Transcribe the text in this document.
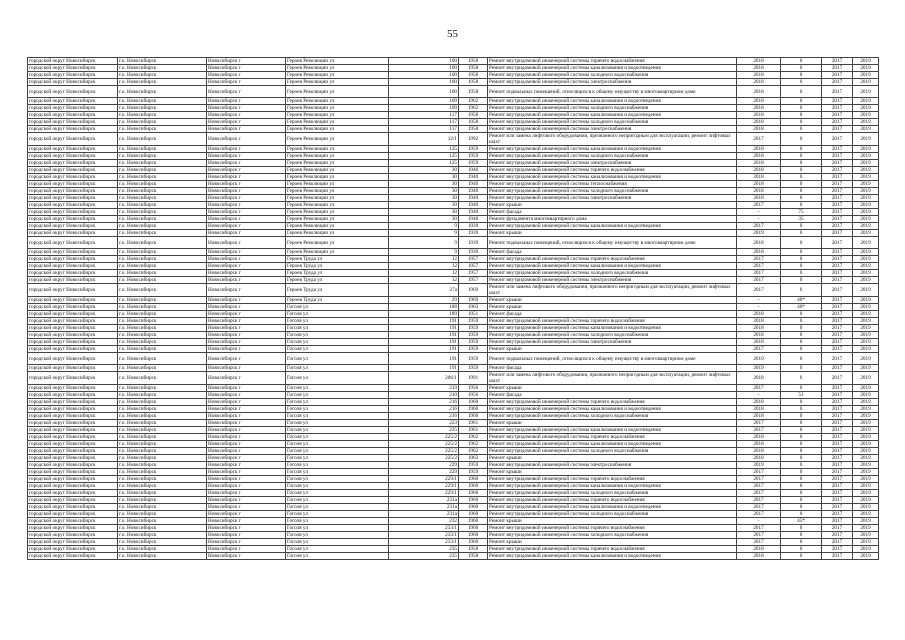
55
городской округ Новосибирск	г.о. Новосибирск	Новосибирск г	Героев Революции ул	100	1958	Ремонт внутридомовой инженерной системы горячего водоснабжения	2018	0	2017	2019
городской округ Новосибирск	г.о. Новосибирск	Новосибирск г	Героев Революции ул	100	1958	Ремонт внутридомовой инженерной системы канализования и водоотведения	2018	0	2017	2019
городской округ Новосибирск	г.о. Новосибирск	Новосибирск г	Героев Революции ул	100	1958	Ремонт внутридомовой инженерной системы холодного водоснабжения	2018	0	2017	2019
городской округ Новосибирск	г.о. Новосибирск	Новосибирск г	Героев Революции ул	100	1958	Ремонт внутридомовой инженерной системы электроснабжения	2018	0	2017	2019
городской округ Новосибирск	г.о. Новосибирск	Новосибирск г	Героев Революции ул	100	1958	Ремонт подвальных помещений, относящихся к общему имуществу в многоквартирном доме	2018	0	2017	2019
городской округ Новосибирск	г.о. Новосибирск	Новосибирск г	Героев Революции ул	109	1962	Ремонт внутридомовой инженерной системы канализования и водоотведения	2018	0	2017	2019
городской округ Новосибирск	г.о. Новосибирск	Новосибирск г	Героев Революции ул	109	1962	Ремонт внутридомовой инженерной системы холодного водоснабжения	2018	0	2017	2019
городской округ Новосибирск	г.о. Новосибирск	Новосибирск г	Героев Революции ул	117	1958	Ремонт внутридомовой инженерной системы канализования и водоотведения	2018	0	2017	2019
городской округ Новосибирск	г.о. Новосибирск	Новосибирск г	Героев Революции ул	117	1958	Ремонт внутридомовой инженерной системы холодного водоснабжения	2018	0	2017	2019
городской округ Новосибирск	г.о. Новосибирск	Новосибирск г	Героев Революции ул	117	1958	Ремонт внутридомовой инженерной системы электроснабжения	2018	0	2017	2019
городской округ Новосибирск	г.о. Новосибирск	Новосибирск г	Героев Революции ул	12/1	1992	Ремонт или замена лифтового оборудования, признанного непригодным для эксплуатации, ремонт лифтовых шахт	2017	0	2017	2019
городской округ Новосибирск	г.о. Новосибирск	Новосибирск г	Героев Революции ул	125	1959	Ремонт внутридомовой инженерной системы канализования и водоотведения	2018	0	2017	2019
городской округ Новосибирск	г.о. Новосибирск	Новосибирск г	Героев Революции ул	125	1959	Ремонт внутридомовой инженерной системы холодного водоснабжения	2018	0	2017	2019
городской округ Новосибирск	г.о. Новосибирск	Новосибирск г	Героев Революции ул	125	1959	Ремонт внутридомовой инженерной системы электроснабжения	2018	0	2017	2019
городской округ Новосибирск	г.о. Новосибирск	Новосибирск г	Героев Революции ул	30	1940	Ремонт внутридомовой инженерной системы горячего водоснабжения	2018	0	2017	2019
городской округ Новосибирск	г.о. Новосибирск	Новосибирск г	Героев Революции ул	30	1940	Ремонт внутридомовой инженерной системы канализования и водоотведения	2018	0	2017	2019
городской округ Новосибирск	г.о. Новосибирск	Новосибирск г	Героев Революции ул	30	1940	Ремонт внутридомовой инженерной системы теплоснабжения	2018	0	2017	2019
городской округ Новосибирск	г.о. Новосибирск	Новосибирск г	Героев Революции ул	30	1940	Ремонт внутридомовой инженерной системы холодного водоснабжения	2018	0	2017	2019
городской округ Новосибирск	г.о. Новосибирск	Новосибирск г	Героев Революции ул	30	1940	Ремонт внутридомовой инженерной системы электроснабжения	2018	0	2017	2019
городской округ Новосибирск	г.о. Новосибирск	Новосибирск г	Героев Революции ул	30	1940	Ремонт крыши	2017	0	2017	2019
городской округ Новосибирск	г.о. Новосибирск	Новосибирск г	Героев Революции ул	30	1940	Ремонт фасада	-	75	2017	2019
городской округ Новосибирск	г.о. Новосибирск	Новосибирск г	Героев Революции ул	30	1940	Ремонт фундамента многоквартирного дома	-	35	2017	2019
городской округ Новосибирск	г.о. Новосибирск	Новосибирск г	Героев Революции ул	9	1939	Ремонт внутридомовой инженерной системы канализования и водоотведения	2017	0	2017	2019
городской округ Новосибирск	г.о. Новосибирск	Новосибирск г	Героев Революции ул	9	1939	Ремонт крыши	2019	0	2017	2019
городской округ Новосибирск	г.о. Новосибирск	Новосибирск г	Героев Революции ул	9	1939	Ремонт подвальных помещений, относящихся к общему имуществу в многоквартирном доме	2018	0	2017	2019
городской округ Новосибирск	г.о. Новосибирск	Новосибирск г	Героев Революции ул	9	1939	Ремонт фасада	2018	0	2017	2019
городской округ Новосибирск	г.о. Новосибирск	Новосибирск г	Героев Труда ул	12	1957	Ремонт внутридомовой инженерной системы горячего водоснабжения	2017	0	2017	2019
городской округ Новосибирск	г.о. Новосибирск	Новосибирск г	Героев Труда ул	12	1957	Ремонт внутридомовой инженерной системы канализования и водоотведения	2017	0	2017	2019
городской округ Новосибирск	г.о. Новосибирск	Новосибирск г	Героев Труда ул	12	1957	Ремонт внутридомовой инженерной системы холодного водоснабжения	2017	0	2017	2019
городской округ Новосибирск	г.о. Новосибирск	Новосибирск г	Героев Труда ул	12	1957	Ремонт внутридомовой инженерной системы электроснабжения	2017	0	2017	2019
городской округ Новосибирск	г.о. Новосибирск	Новосибирск г	Героев Труда ул	27а	1969	Ремонт или замена лифтового оборудования, признанного непригодным для эксплуатации, ремонт лифтовых шахт	2017	0	2017	2019
городской округ Новосибирск	г.о. Новосибирск	Новосибирск г	Героев Труда ул	29	1969	Ремонт крыши	-	40*	2017	2019
городской округ Новосибирск	г.о. Новосибирск	Новосибирск г	Гоголя ул	188	1963	Ремонт крыши	-	40*	2017	2019
городской округ Новосибирск	г.о. Новосибирск	Новосибирск г	Гоголя ул	189	1951	Ремонт фасада	2018	0	2017	2019
городской округ Новосибирск	г.о. Новосибирск	Новосибирск г	Гоголя ул	191	1959	Ремонт внутридомовой инженерной системы горячего водоснабжения	2018	0	2017	2019
городской округ Новосибирск	г.о. Новосибирск	Новосибирск г	Гоголя ул	191	1959	Ремонт внутридомовой инженерной системы канализования и водоотведения	2018	0	2017	2019
городской округ Новосибирск	г.о. Новосибирск	Новосибирск г	Гоголя ул	191	1959	Ремонт внутридомовой инженерной системы холодного водоснабжения	2018	0	2017	2019
городской округ Новосибирск	г.о. Новосибирск	Новосибирск г	Гоголя ул	191	1959	Ремонт внутридомовой инженерной системы электроснабжения	2018	0	2017	2019
городской округ Новосибирск	г.о. Новосибирск	Новосибирск г	Гоголя ул	191	1959	Ремонт крыши	2017	0	2017	2019
городской округ Новосибирск	г.о. Новосибирск	Новосибирск г	Гоголя ул	191	1959	Ремонт подвальных помещений, относящихся к общему имуществу в многоквартирном доме	2019	0	2017	2019
городской округ Новосибирск	г.о. Новосибирск	Новосибирск г	Гоголя ул	191	1959	Ремонт фасада	2019	0	2017	2019
городской округ Новосибирск	г.о. Новосибирск	Новосибирск г	Гоголя ул	206/1	1991	Ремонт или замена лифтового оборудования, признанного непригодным для эксплуатации, ремонт лифтовых шахт	2018	0	2017	2019
городской округ Новосибирск	г.о. Новосибирск	Новосибирск г	Гоголя ул	219	1956	Ремонт крыши	2017	0	2017	2019
городской округ Новосибирск	г.о. Новосибирск	Новосибирск г	Гоголя ул	210	1956	Ремонт фасада	-	51	2017	2019
городской округ Новосибирск	г.о. Новосибирск	Новосибирск г	Гоголя ул	216	1960	Ремонт внутридомовой инженерной системы горячего водоснабжения	2018	0	2017	2019
городской округ Новосибирск	г.о. Новосибирск	Новосибирск г	Гоголя ул	216	1960	Ремонт внутридомовой инженерной системы канализования и водоотведения	2018	0	2017	2019
городской округ Новосибирск	г.о. Новосибирск	Новосибирск г	Гоголя ул	216	1960	Ремонт внутридомовой инженерной системы холодного водоснабжения	2018	0	2017	2019
городской округ Новосибирск	г.о. Новосибирск	Новосибирск г	Гоголя ул	223	1961	Ремонт крыши	2017	0	2017	2019
городской округ Новосибирск	г.о. Новосибирск	Новосибирск г	Гоголя ул	225	1961	Ремонт внутридомовой инженерной системы канализования и водоотведения	2017	0	2017	2019
городской округ Новосибирск	г.о. Новосибирск	Новосибирск г	Гоголя ул	225/2	1962	Ремонт внутридомовой инженерной системы горячего водоснабжения	2018	0	2017	2019
городской округ Новосибирск	г.о. Новосибирск	Новосибирск г	Гоголя ул	225/2	1962	Ремонт внутридомовой инженерной системы канализования и водоотведения	2018	0	2017	2019
городской округ Новосибирск	г.о. Новосибирск	Новосибирск г	Гоголя ул	225/2	1962	Ремонт внутридомовой инженерной системы холодного водоснабжения	2018	0	2017	2019
городской округ Новосибирск	г.о. Новосибирск	Новосибирск г	Гоголя ул	225/2	1962	Ремонт крыши	2018	0	2017	2019
городской округ Новосибирск	г.о. Новосибирск	Новосибирск г	Гоголя ул	229	1959	Ремонт внутридомовой инженерной системы электроснабжения	2019	0	2017	2019
городской округ Новосибирск	г.о. Новосибирск	Новосибирск г	Гоголя ул	229	1959	Ремонт крыши	2017	0	2017	2019
городской округ Новосибирск	г.о. Новосибирск	Новосибирск г	Гоголя ул	229/1	1960	Ремонт внутридомовой инженерной системы горячего водоснабжения	2017	0	2017	2019
городской округ Новосибирск	г.о. Новосибирск	Новосибирск г	Гоголя ул	229/1	1960	Ремонт внутридомовой инженерной системы канализования и водоотведения	2017	0	2017	2019
городской округ Новосибирск	г.о. Новосибирск	Новосибирск г	Гоголя ул	229/1	1960	Ремонт внутридомовой инженерной системы холодного водоснабжения	2017	0	2017	2019
городской округ Новосибирск	г.о. Новосибирск	Новосибирск г	Гоголя ул	231а	1960	Ремонт внутридомовой инженерной системы горячего водоснабжения	2017	0	2017	2019
городской округ Новосибирск	г.о. Новосибирск	Новосибирск г	Гоголя ул	231а	1960	Ремонт внутридомовой инженерной системы канализования и водоотведения	2017	0	2017	2019
городской округ Новосибирск	г.о. Новосибирск	Новосибирск г	Гоголя ул	231а	1960	Ремонт внутридомовой инженерной системы холодного водоснабжения	2017	0	2017	2019
городской округ Новосибирск	г.о. Новосибирск	Новосибирск г	Гоголя ул	232	1960	Ремонт крыши	-	45*	2017	2019
городской округ Новосибирск	г.о. Новосибирск	Новосибирск г	Гоголя ул	233/1	1960	Ремонт внутридомовой инженерной системы горячего водоснабжения	2017	0	2017	2019
городской округ Новосибирск	г.о. Новосибирск	Новосибирск г	Гоголя ул	233/1	1960	Ремонт внутридомовой инженерной системы холодного водоснабжения	2017	0	2017	2019
городской округ Новосибирск	г.о. Новосибирск	Новосибирск г	Гоголя ул	233/1	1960	Ремонт крыши	2017	0	2017	2019
городской округ Новосибирск	г.о. Новосибирск	Новосибирск г	Гоголя ул	235	1958	Ремонт внутридомовой инженерной системы горячего водоснабжения	2018	0	2017	2019
городской округ Новосибирск	г.о. Новосибирск	Новосибирск г	Гоголя ул	235	1958	Ремонт внутридомовой инженерной системы канализования и водоотведения	2018	0	2017	2019
